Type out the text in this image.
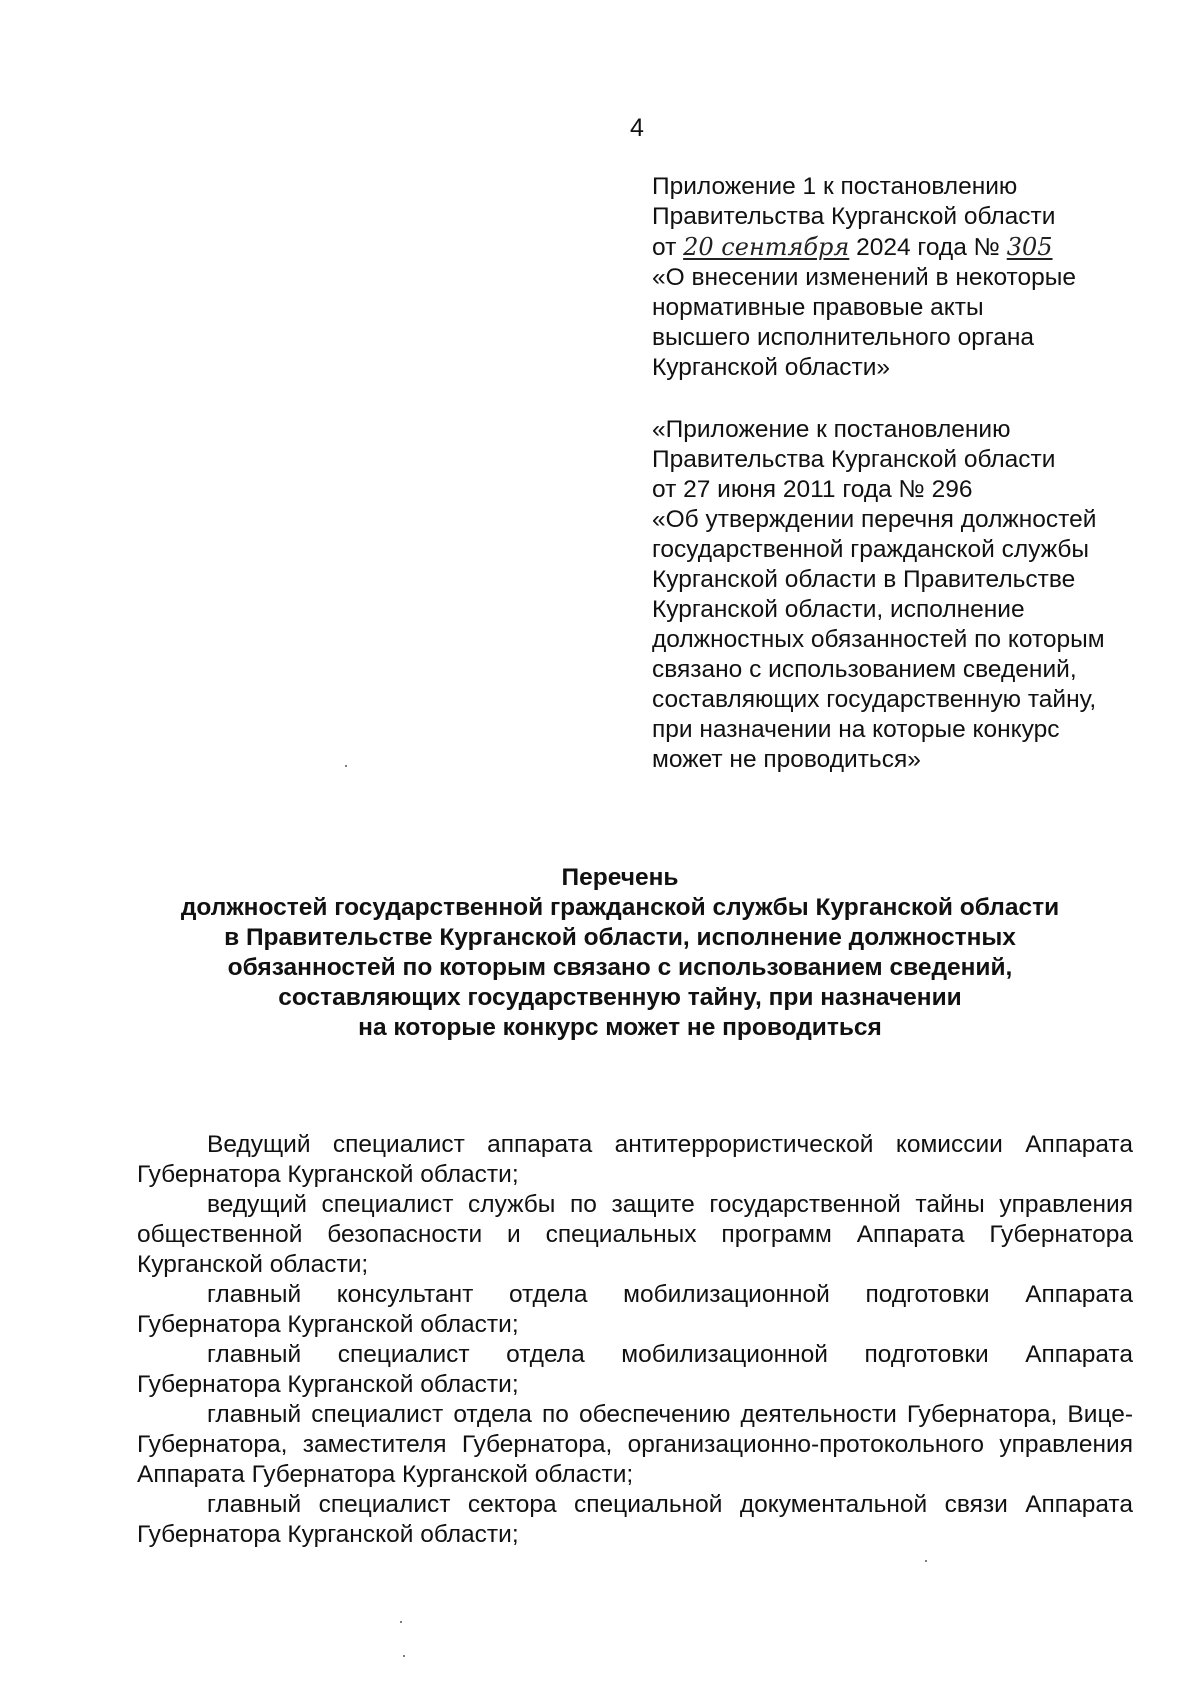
4
Приложение 1 к постановлению
Правительства Курганской области
от 20 сентября 2024 года № 305
«О внесении изменений в некоторые
нормативные правовые акты
высшего исполнительного органа
Курганской области»
«Приложение к постановлению
Правительства Курганской области
от 27 июня 2011 года № 296
«Об утверждении перечня должностей
государственной гражданской службы
Курганской области в Правительстве
Курганской области, исполнение
должностных обязанностей по которым
связано с использованием сведений,
составляющих государственную тайну,
при назначении на которые конкурс
может не проводиться»
Перечень
должностей государственной гражданской службы Курганской области
в Правительстве Курганской области, исполнение должностных
обязанностей по которым связано с использованием сведений,
составляющих государственную тайну, при назначении
на которые конкурс может не проводиться

Ведущий специалист аппарата антитеррористической комиссии Аппарата Губернатора Курганской области;

ведущий специалист службы по защите государственной тайны управления общественной безопасности и специальных программ Аппарата Губернатора Курганской области;

главный консультант отдела мобилизационной подготовки Аппарата Губернатора Курганской области;

главный специалист отдела мобилизационной подготовки Аппарата Губернатора Курганской области;

главный специалист отдела по обеспечению деятельности Губернатора, Вице-Губернатора, заместителя Губернатора, организационно-протокольного управления Аппарата Губернатора Курганской области;

главный специалист сектора специальной документальной связи Аппарата Губернатора Курганской области;
